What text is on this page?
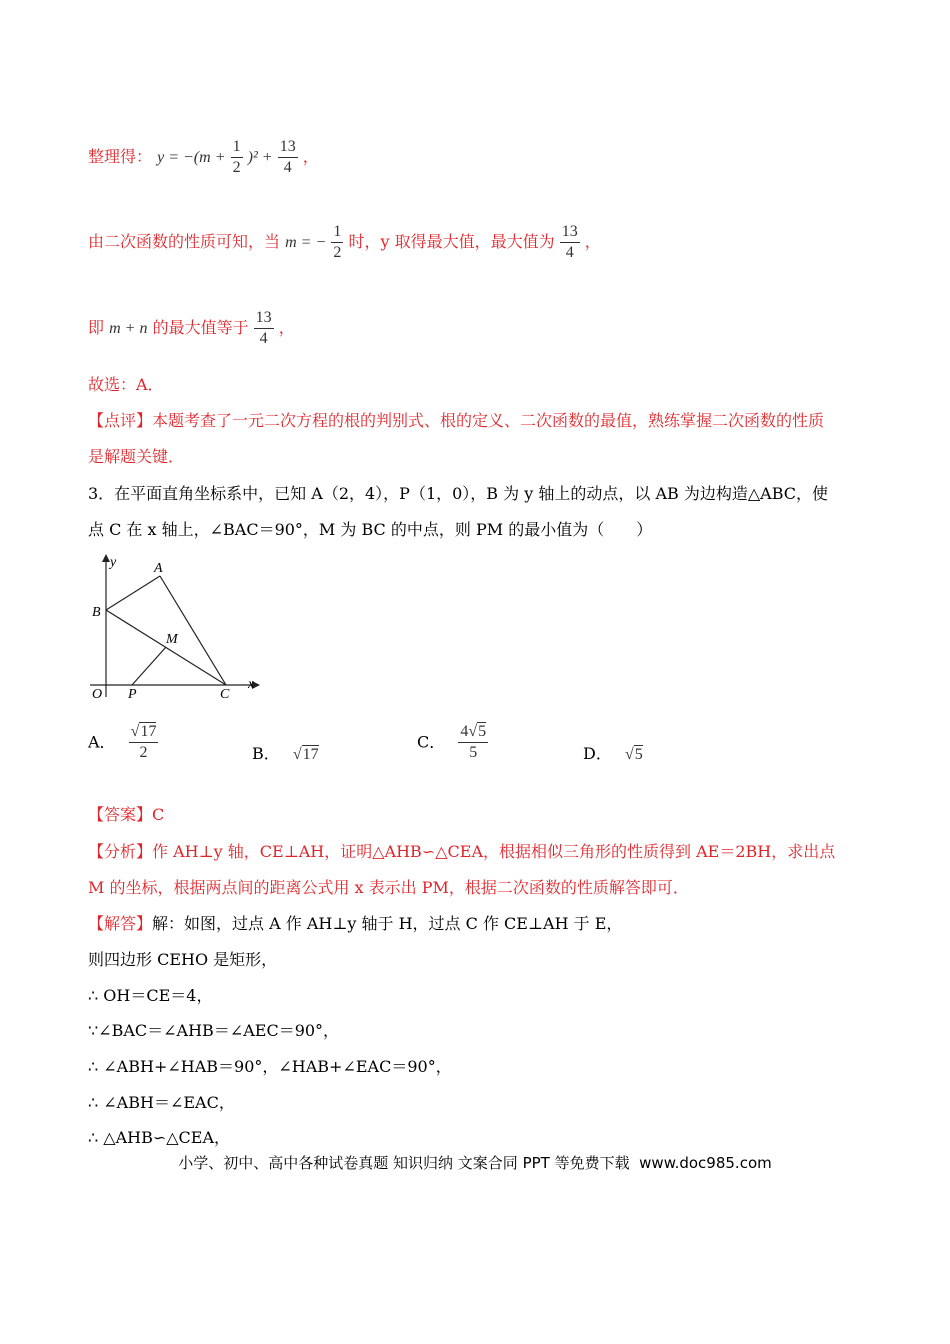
整理得： $y = -(m + \frac{1}{2} )^2 + \frac{13}{4}$ ，
由二次函数的性质可知，当 m = − $\frac{1}{2}$ 时，y 取得最大值，最大值为 $\frac{13}{4}$ ，
即 m + n 的最大值等于 $\frac{13}{4}$ ，
故选：A．
【点评】本题考查了一元二次方程的根的判别式、根的定义、二次函数的最值，熟练掌握二次函数的性质
是解题关键．
3．在平面直角坐标系中，已知 A（2，4），P（1，0），B 为 y 轴上的动点，以 AB 为边构造△ABC，使
点 C 在 x 轴上，∠BAC＝90°，M 为 BC 的中点，则 PM 的最小值为（　　）
y	A
B
M
O P	C
x
A． $\frac{√17}{2}$	B． √17
C． $\frac{4√5}{5}$	D． √5
【答案】C
【分析】作 AH⊥y 轴，CE⊥AH，证明△AHB∽△CEA，根据相似三角形的性质得到 AE＝2BH，求出点
M 的坐标，根据两点间的距离公式用 x 表示出 PM，根据二次函数的性质解答即可．
【解答】解：如图，过点 A 作 AH⊥y 轴于 H，过点 C 作 CE⊥AH 于 E，
则四边形 CEHO 是矩形，
∴ OH＝CE＝4，
∵∠BAC＝∠AHB＝∠AEC＝90°，
∴ ∠ABH+∠HAB＝90°，∠HAB+∠EAC＝90°，
∴ ∠ABH＝∠EAC，
∴ △AHB∽△CEA，
小学、初中、高中各种试卷真题 知识归纳 文案合同 PPT 等免费下载 www.doc985.com
